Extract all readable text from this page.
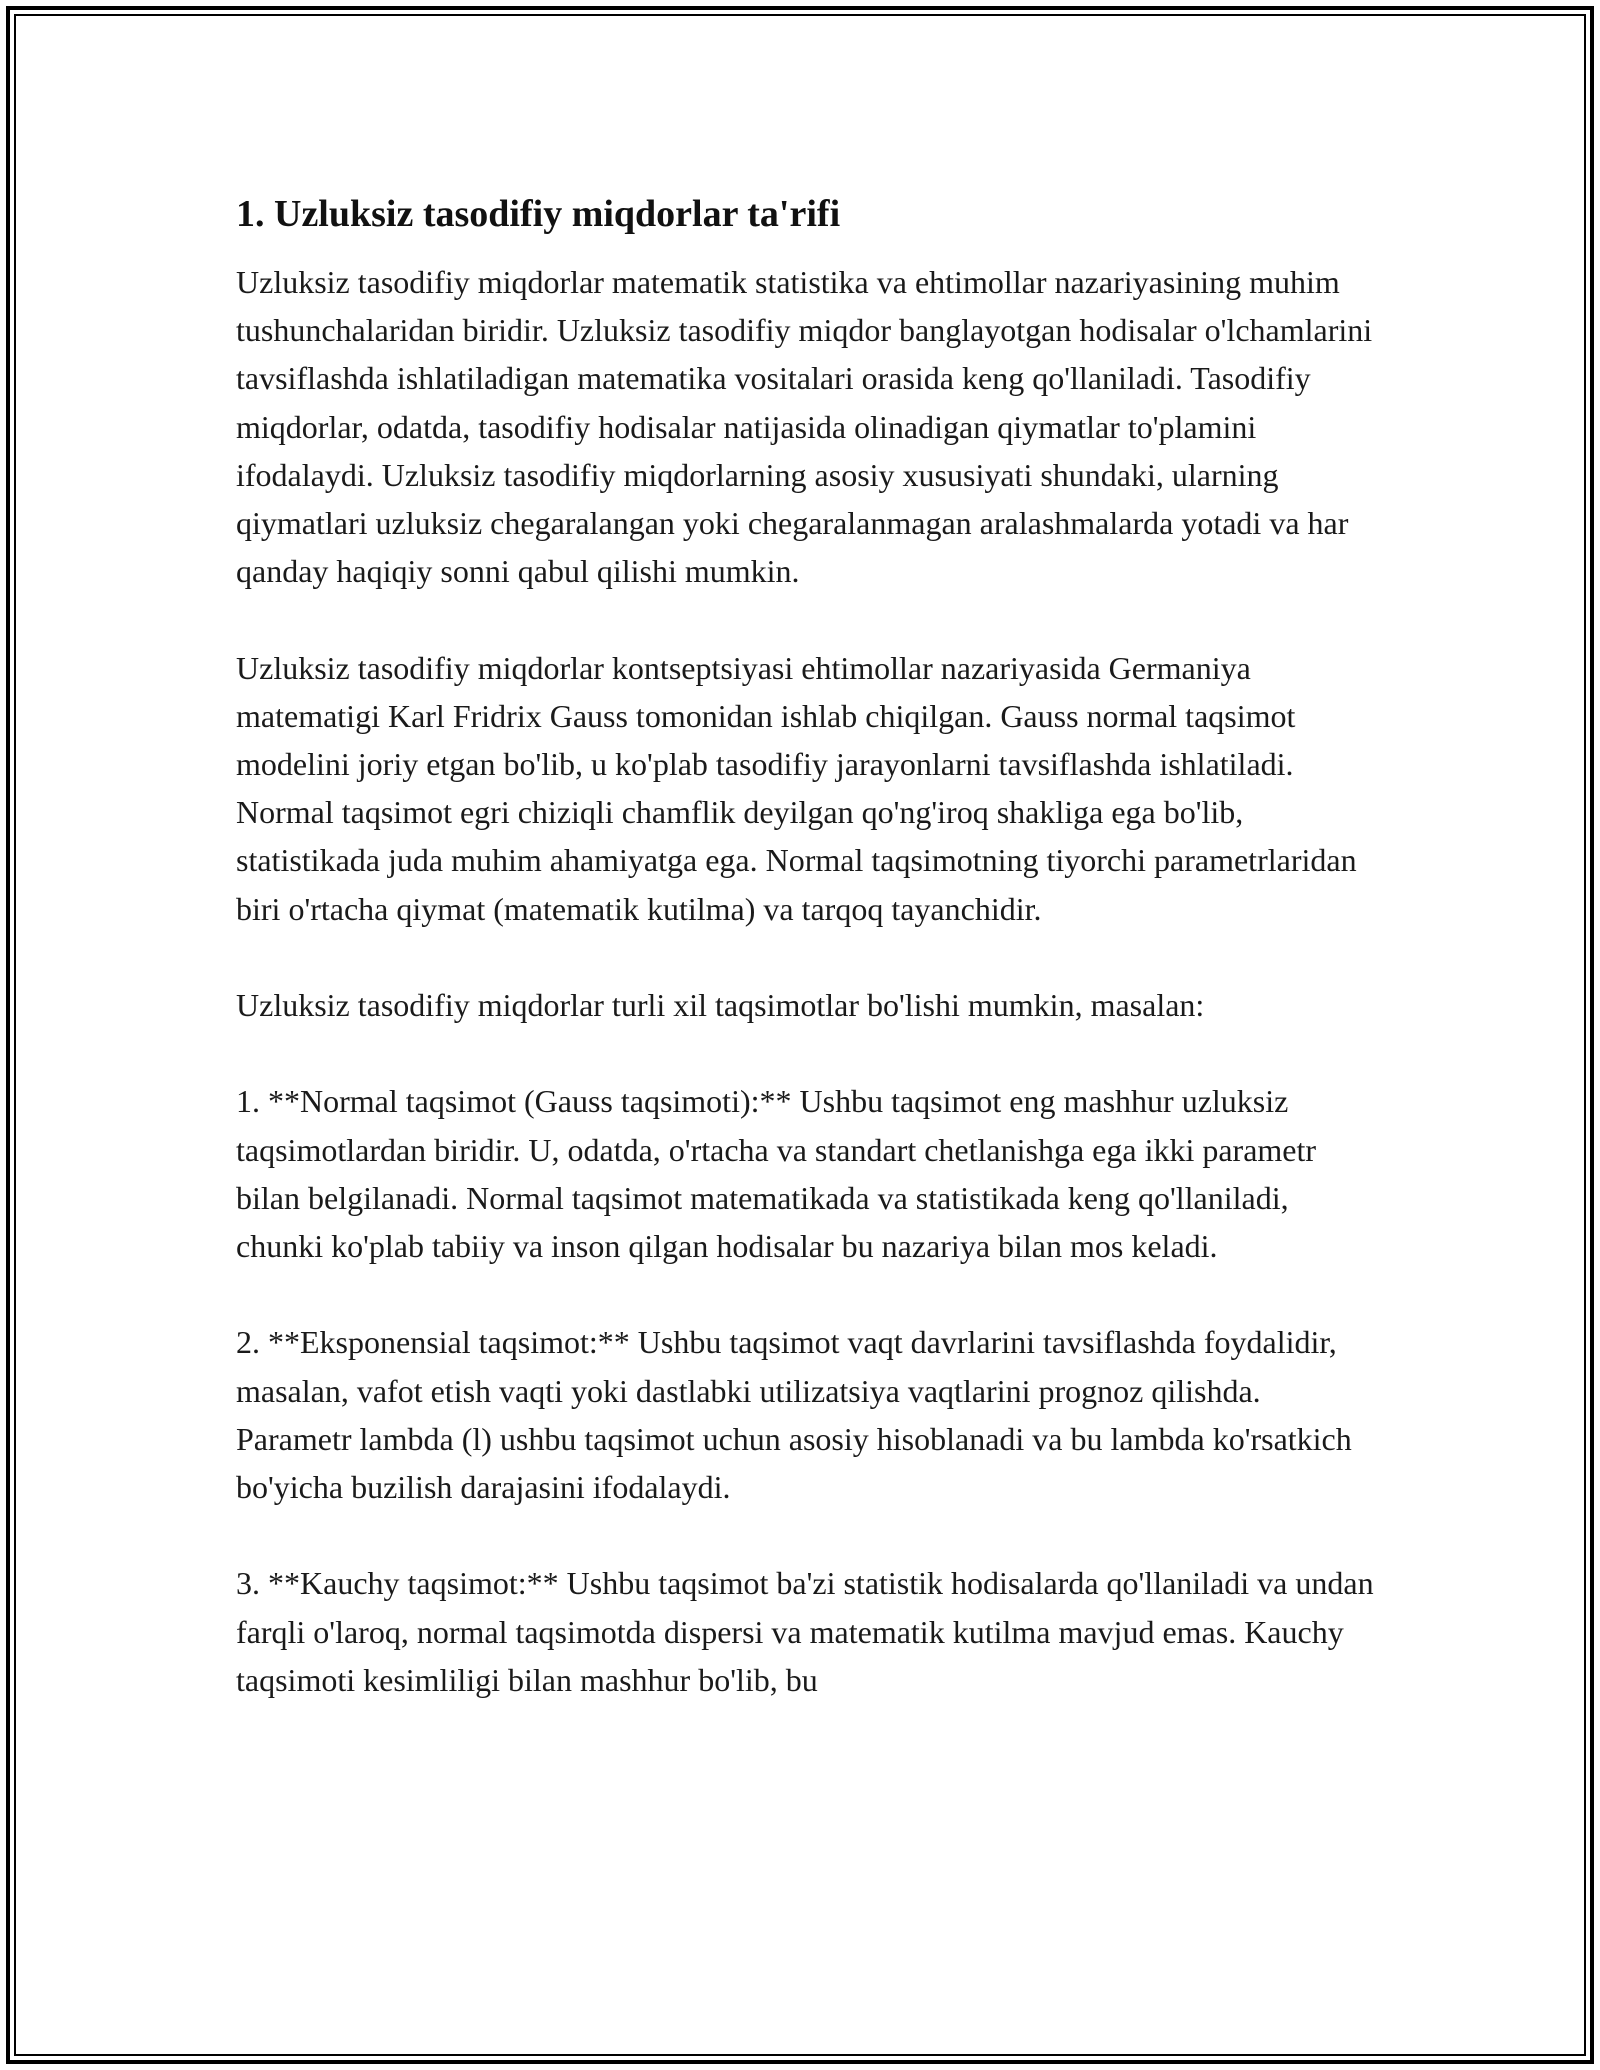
1. Uzluksiz tasodifiy miqdorlar ta'rifi

Uzluksiz tasodifiy miqdorlar matematik statistika va ehtimollar nazariyasining muhim tushunchalaridan biridir. Uzluksiz tasodifiy miqdor banglayotgan hodisalar o'lchamlarini tavsiflashda ishlatiladigan matematika vositalari orasida keng qo'llaniladi. Tasodifiy miqdorlar, odatda, tasodifiy hodisalar natijasida olinadigan qiymatlar to'plamini ifodalaydi. Uzluksiz tasodifiy miqdorlarning asosiy xususiyati shundaki, ularning qiymatlari uzluksiz chegaralangan yoki chegaralanmagan aralashmalarda yotadi va har qanday haqiqiy sonni qabul qilishi mumkin.

Uzluksiz tasodifiy miqdorlar kontseptsiyasi ehtimollar nazariyasida Germaniya matematigi Karl Fridrix Gauss tomonidan ishlab chiqilgan. Gauss normal taqsimot modelini joriy etgan bo'lib, u ko'plab tasodifiy jarayonlarni tavsiflashda ishlatiladi. Normal taqsimot egri chiziqli chamflik deyilgan qo'ng'iroq shakliga ega bo'lib, statistikada juda muhim ahamiyatga ega. Normal taqsimotning tiyorchi parametrlaridan biri o'rtacha qiymat (matematik kutilma) va tarqoq tayanchidir.

Uzluksiz tasodifiy miqdorlar turli xil taqsimotlar bo'lishi mumkin, masalan:

1. **Normal taqsimot (Gauss taqsimoti):** Ushbu taqsimot eng mashhur uzluksiz taqsimotlardan biridir. U, odatda, o'rtacha va standart chetlanishga ega ikki parametr bilan belgilanadi. Normal taqsimot matematikada va statistikada keng qo'llaniladi, chunki ko'plab tabiiy va inson qilgan hodisalar bu nazariya bilan mos keladi.

2. **Eksponensial taqsimot:** Ushbu taqsimot vaqt davrlarini tavsiflashda foydalidir, masalan, vafot etish vaqti yoki dastlabki utilizatsiya vaqtlarini prognoz qilishda. Parametr lambda (l) ushbu taqsimot uchun asosiy hisoblanadi va bu lambda ko'rsatkich bo'yicha buzilish darajasini ifodalaydi.

3. **Kauchy taqsimot:** Ushbu taqsimot ba'zi statistik hodisalarda qo'llaniladi va undan farqli o'laroq, normal taqsimotda dispersi va matematik kutilma mavjud emas. Kauchy taqsimoti kesimliligi bilan mashhur bo'lib, bu
